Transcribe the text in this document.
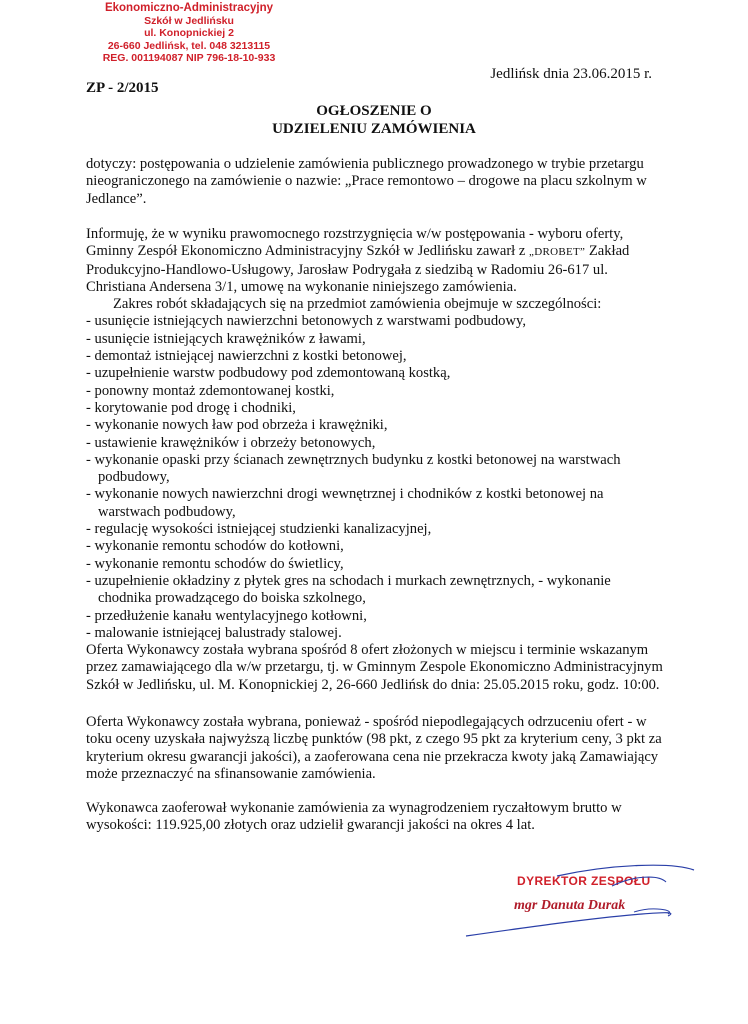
Ekonomiczno-Administracyjny
Szkół w Jedlińsku
ul. Konopnickiej 2
26-660 Jedlińsk, tel. 048 3213115
REG. 001194087 NIP 796-18-10-933
Jedlińsk dnia 23.06.2015 r.
ZP - 2/2015
OGŁOSZENIE O
UDZIELENIU ZAMÓWIENIA
dotyczy: postępowania o udzielenie zamówienia publicznego prowadzonego w trybie przetargu nieograniczonego na zamówienie o nazwie: „Prace remontowo – drogowe na placu szkolnym w Jedlance”.

Informuję, że w wyniku prawomocnego rozstrzygnięcia w/w postępowania - wyboru oferty, Gminny Zespół Ekonomiczno Administracyjny Szkół w Jedlińsku zawarł z „DROBET” Zakład Produkcyjno-Handlowo-Usługowy, Jarosław Podrygała z siedzibą w Radomiu 26-617 ul. Christiana Andersena 3/1, umowę na wykonanie niniejszego zamówienia.

Zakres robót składających się na przedmiot zamówienia obejmuje w szczególności:

- usunięcie istniejących nawierzchni betonowych z warstwami podbudowy,
- usunięcie istniejących krawężników z ławami,
- demontaż istniejącej nawierzchni z kostki betonowej,
- uzupełnienie warstw podbudowy pod zdemontowaną kostką,
- ponowny montaż zdemontowanej kostki,
- korytowanie pod drogę i chodniki,
- wykonanie nowych ław pod obrzeża i krawężniki,
- ustawienie krawężników i obrzeży betonowych,
- wykonanie opaski przy ścianach zewnętrznych budynku z kostki betonowej na warstwach podbudowy,
- wykonanie nowych nawierzchni drogi wewnętrznej i chodników z kostki betonowej na warstwach podbudowy,
- regulację wysokości istniejącej studzienki kanalizacyjnej,
- wykonanie remontu schodów do kotłowni,
- wykonanie remontu schodów do świetlicy,
- uzupełnienie okładziny z płytek gres na schodach i murkach zewnętrznych, - wykonanie chodnika prowadzącego do boiska szkolnego,
- przedłużenie kanału wentylacyjnego kotłowni,
- malowanie istniejącej balustrady stalowej.

Oferta Wykonawcy została wybrana spośród 8 ofert złożonych w miejscu i terminie wskazanym przez zamawiającego dla w/w przetargu, tj. w Gminnym Zespole Ekonomiczno Administracyjnym Szkół w Jedlińsku, ul. M. Konopnickiej 2, 26-660 Jedlińsk do dnia: 25.05.2015 roku, godz. 10:00.

Oferta Wykonawcy została wybrana, ponieważ - spośród niepodlegających odrzuceniu ofert - w toku oceny uzyskała najwyższą liczbę punktów (98 pkt, z czego 95 pkt za kryterium ceny, 3 pkt za kryterium okresu gwarancji jakości), a zaoferowana cena nie przekracza kwoty jaką Zamawiający może przeznaczyć na sfinansowanie zamówienia.
Wykonawca zaoferował wykonanie zamówienia za wynagrodzeniem ryczałtowym brutto w wysokości: 119.925,00 złotych oraz udzielił gwarancji jakości na okres 4 lat.
DYREKTOR ZESPOŁU
mgr Danuta Durak
